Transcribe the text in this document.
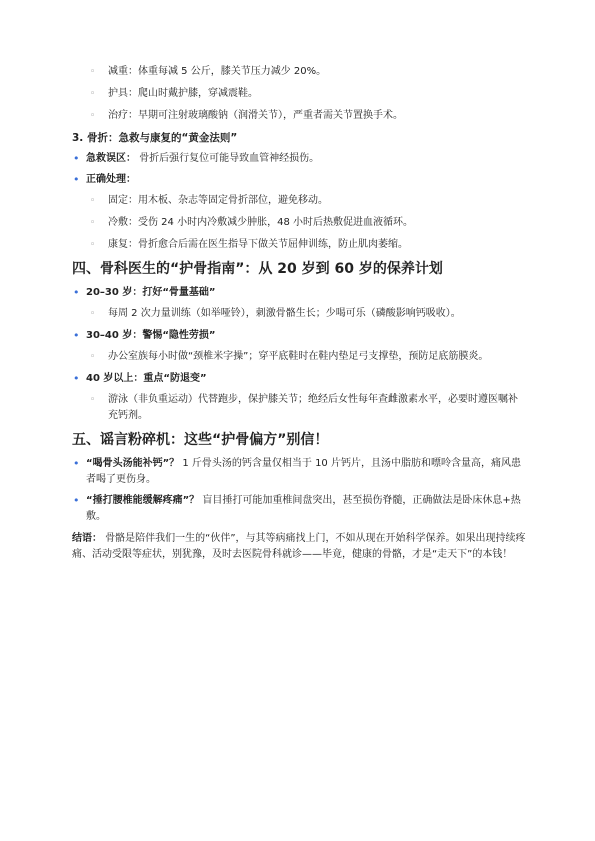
◦ 减重：体重每减 5 公斤，膝关节压力减少 20%。
◦ 护具：爬山时戴护膝，穿减震鞋。
◦ 治疗：早期可注射玻璃酸钠（润滑关节），严重者需关节置换手术。
3. 骨折：急救与康复的“黄金法则”
• 急救误区： 骨折后强行复位可能导致血管神经损伤。
• 正确处理：
◦ 固定：用木板、杂志等固定骨折部位，避免移动。
◦ 冷敷：受伤 24 小时内冷敷减少肿胀，48 小时后热敷促进血液循环。
◦ 康复：骨折愈合后需在医生指导下做关节屈伸训练，防止肌肉萎缩。
四、骨科医生的“护骨指南”：从 20 岁到 60 岁的保养计划
• 20–30 岁：打好“骨量基础”
◦ 每周 2 次力量训练（如举哑铃），刺激骨骼生长；少喝可乐（磷酸影响钙吸收）。
• 30–40 岁：警惕“隐性劳损”
◦ 办公室族每小时做“颈椎米字操”；穿平底鞋时在鞋内垫足弓支撑垫，预防足底筋膜炎。
• 40 岁以上：重点“防退变”
◦ 游泳（非负重运动）代替跑步，保护膝关节；绝经后女性每年查雌激素水平，必要时遵医嘱补充钙剂。
五、谣言粉碎机：这些“护骨偏方”别信！
• “喝骨头汤能补钙”？ 1 斤骨头汤的钙含量仅相当于 10 片钙片，且汤中脂肪和嘌呤含量高，痛风患者喝了更伤身。
• “捶打腰椎能缓解疼痛”？ 盲目捶打可能加重椎间盘突出，甚至损伤脊髓，正确做法是卧床休息+热敷。
结语： 骨骼是陪伴我们一生的“伙伴”，与其等病痛找上门，不如从现在开始科学保养。如果出现持续疼痛、活动受限等症状，别犹豫，及时去医院骨科就诊——毕竟，健康的骨骼，才是“走天下”的本钱！
